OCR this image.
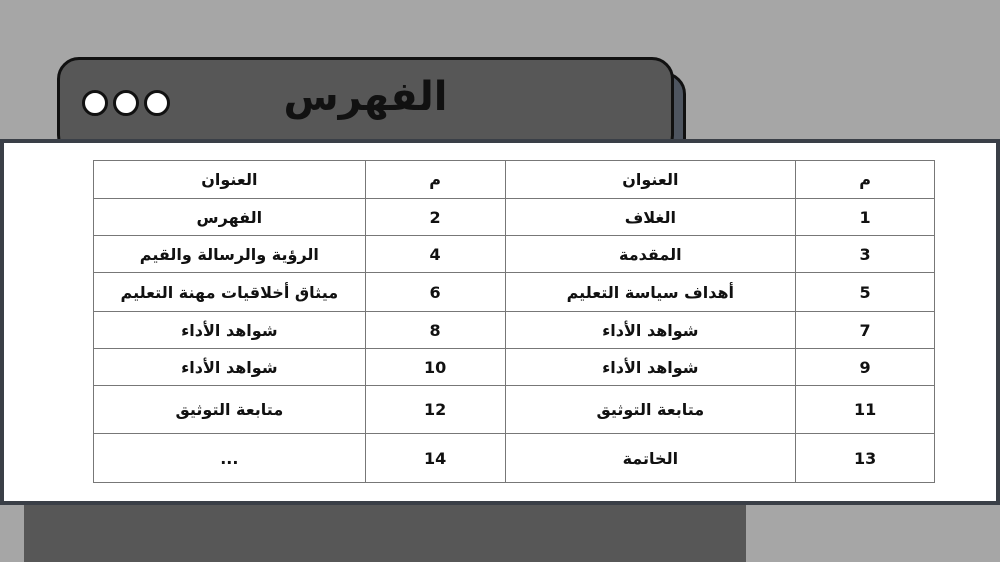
الفهرس
العنوان	م	العنوان	م
الفهرس	2	الغلاف	1
الرؤية والرسالة والقيم	4	المقدمة	3
ميثاق أخلاقيات مهنة التعليم	6	أهداف سياسة التعليم	5
شواهد الأداء	8	شواهد الأداء	7
شواهد الأداء	10	شواهد الأداء	9
متابعة التوثيق	12	متابعة التوثيق	11
...	14	الخاتمة	13
